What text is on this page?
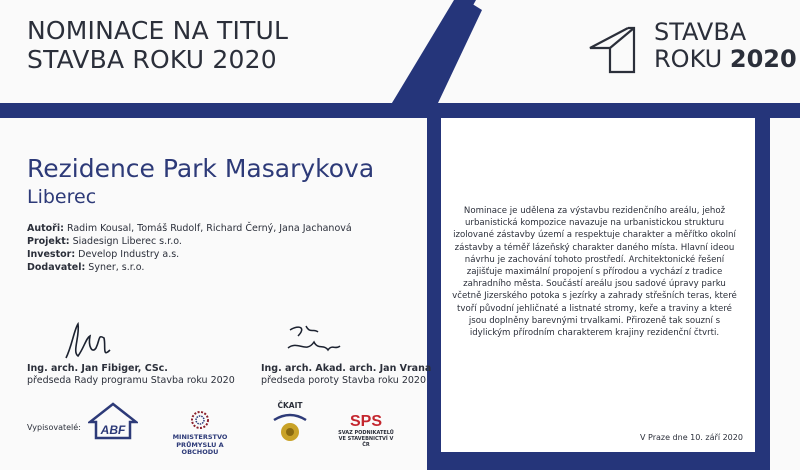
NOMINACE NA TITUL
STAVBA ROKU 2020
STAVBA
ROKU 2020
Rezidence Park Masarykova
Liberec
Autoři: Radim Kousal, Tomáš Rudolf, Richard Černý, Jana Jachanová
Projekt: Siadesign Liberec s.r.o.
Investor: Develop Industry a.s.
Dodavatel: Syner, s.r.o.
Ing. arch. Jan Fibiger, CSc.
předseda Rady programu Stavba roku 2020
Ing. arch. Akad. arch. Jan Vrana
předseda poroty Stavba roku 2020
Nominace je udělena za výstavbu rezidenčního areálu, jehož urbanistická kompozice navazuje na urbanistickou strukturu izolované zástavby území a respektuje charakter a měřítko okolní zástavby a téměř lázeňský charakter daného místa. Hlavní ideou návrhu je zachování tohoto prostředí. Architektonické řešení zajišťuje maximální propojení s přírodou a vychází z tradice zahradního města. Součástí areálu jsou sadové úpravy parku včetně Jizerského potoka s jezírky a zahrady střešních teras, které tvoří původní jehličnaté a listnaté stromy, keře a traviny a které jsou doplněny barevnými trvalkami. Přirozeně tak souzní s idylickým přírodním charakterem krajiny rezidenční čtvrti.
V Praze dne 10. září 2020
Vypisovatelé: ABF	MINISTERSTVO
PRŮMYSLU A OBCHODU
ČKAIT
SPS
SVAZ PODNIKATELŮ
VE STAVEBNICTVÍ V ČR
